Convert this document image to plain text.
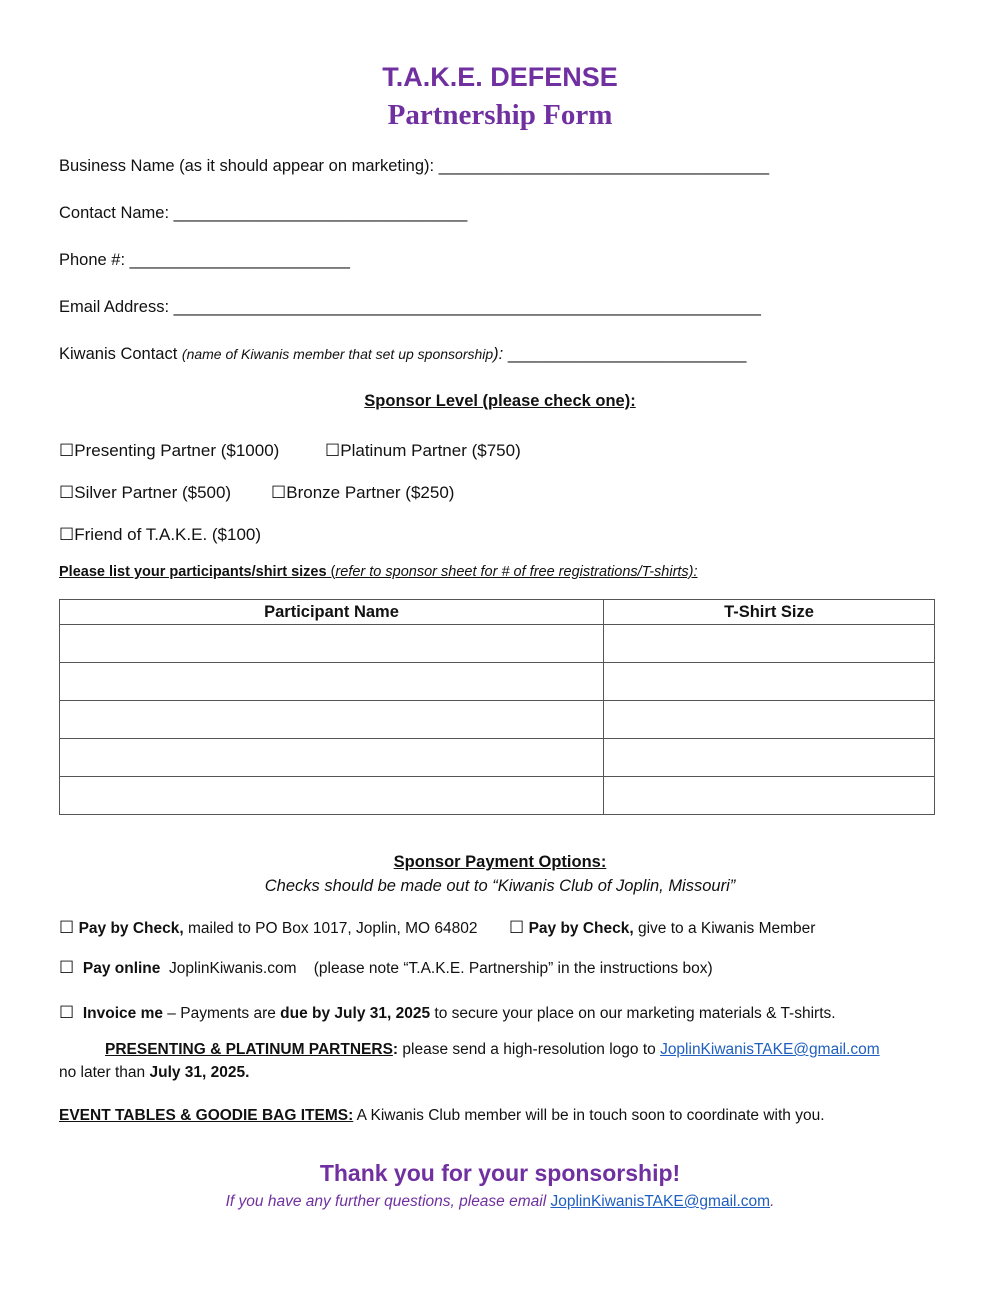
T.A.K.E. DEFENSE
Partnership Form
Business Name (as it should appear on marketing): ____________________________________
Contact Name: ________________________________
Phone #: ________________________
Email Address: ________________________________________________________________
Kiwanis Contact (name of Kiwanis member that set up sponsorship): __________________________
Sponsor Level (please check one):
☐Presenting Partner ($1000)	☐Platinum Partner ($750)
☐Silver Partner ($500) ☐Bronze Partner ($250)
☐Friend of T.A.K.E. ($100)
Please list your participants/shirt sizes (refer to sponsor sheet for # of free registrations/T-shirts):
Participant Name	T-Shirt Size

Sponsor Payment Options:
Checks should be made out to “Kiwanis Club of Joplin, Missouri”
☐ Pay by Check, mailed to PO Box 1017, Joplin, MO 64802 ☐ Pay by Check, give to a Kiwanis Member
☐ Pay online  JoplinKiwanis.com    (please note “T.A.K.E. Partnership” in the instructions box)
☐ Invoice me – Payments are due by July 31, 2025 to secure your place on our marketing materials & T-shirts.
PRESENTING & PLATINUM PARTNERS: please send a high-resolution logo to JoplinKiwanisTAKE@gmail.com
no later than July 31, 2025.
EVENT TABLES & GOODIE BAG ITEMS: A Kiwanis Club member will be in touch soon to coordinate with you.
Thank you for your sponsorship!
If you have any further questions, please email JoplinKiwanisTAKE@gmail.com.
